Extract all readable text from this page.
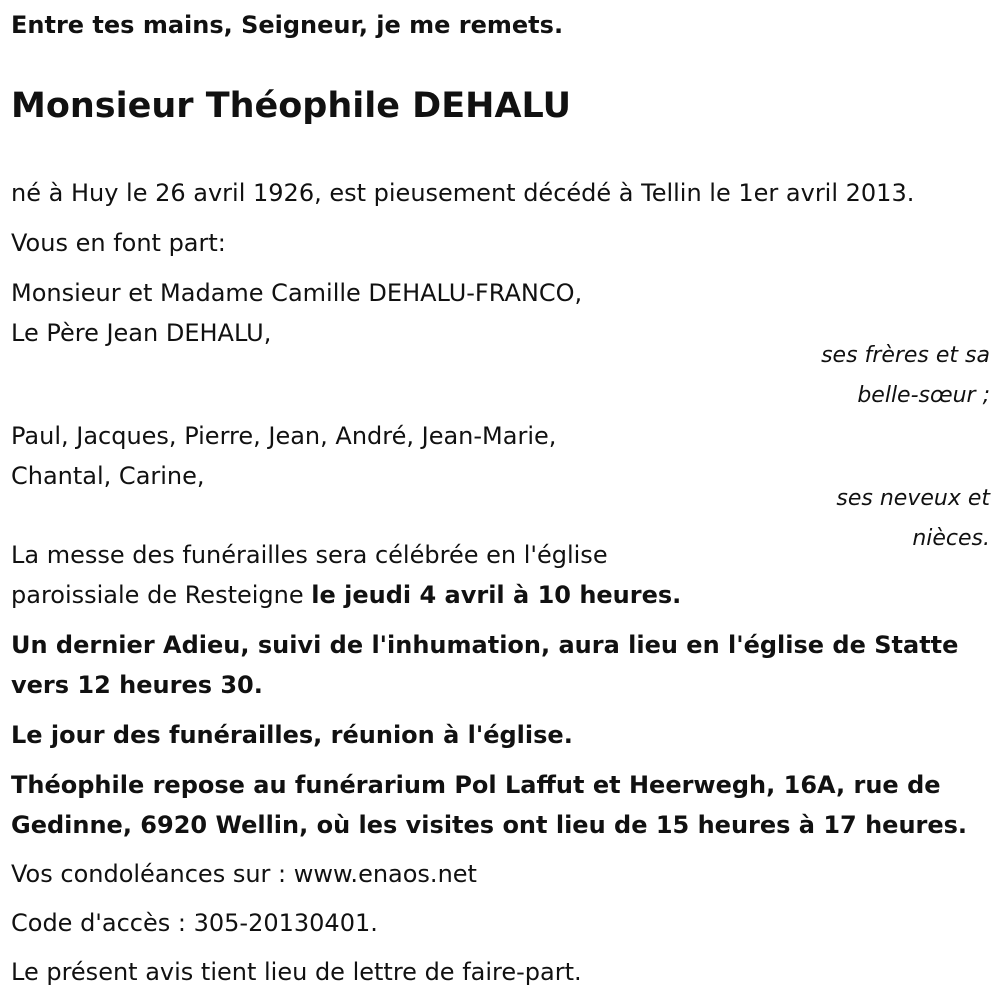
Entre tes mains, Seigneur, je me remets.
Monsieur Théophile DEHALU
né à Huy le 26 avril 1926, est pieusement décédé à Tellin le 1er avril 2013.
Vous en font part:
Monsieur et Madame Camille DEHALU-FRANCO,
Le Père Jean DEHALU,
ses frères et sa
belle-sœur ;
Paul, Jacques, Pierre, Jean, André, Jean-Marie,
Chantal, Carine,
ses neveux et
nièces.
La messe des funérailles sera célébrée en l'église
paroissiale de Resteigne le jeudi 4 avril à 10 heures.
Un dernier Adieu, suivi de l'inhumation, aura lieu en l'église de Statte
vers 12 heures 30.
Le jour des funérailles, réunion à l'église.
Théophile repose au funérarium Pol Laffut et Heerwegh, 16A, rue de
Gedinne, 6920 Wellin, où les visites ont lieu de 15 heures à 17 heures.
Vos condoléances sur : www.enaos.net
Code d'accès : 305-20130401.
Le présent avis tient lieu de lettre de faire-part.
